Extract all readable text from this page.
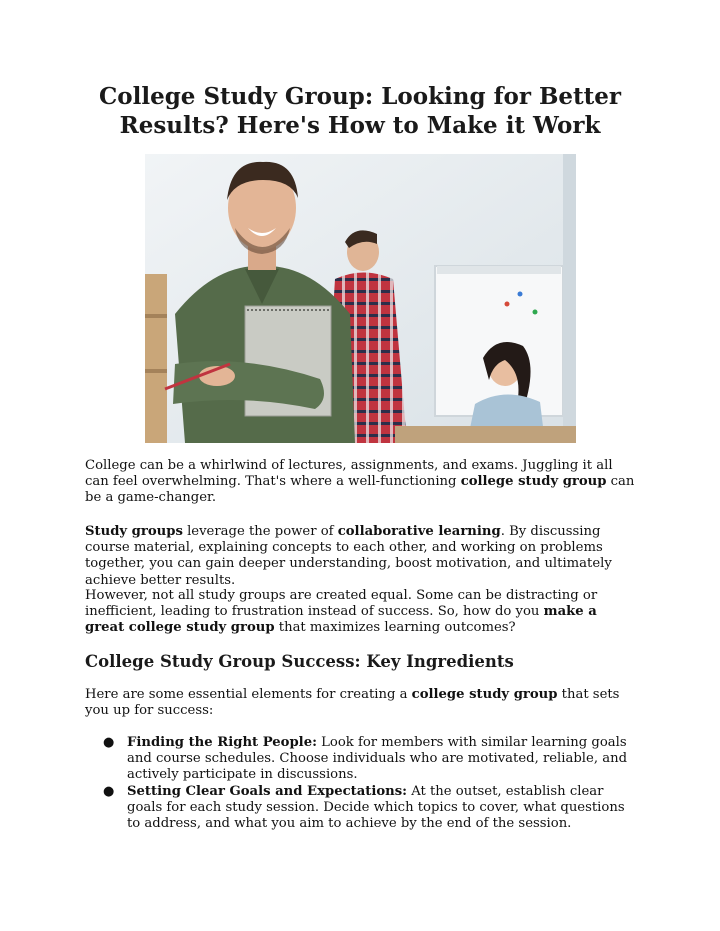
College Study Group: Looking for Better Results? Here's How to Make it Work

College can be a whirlwind of lectures, assignments, and exams. Juggling it all can feel overwhelming. That's where a well-functioning college study group can be a game-changer.

Study groups leverage the power of collaborative learning. By discussing course material, explaining concepts to each other, and working on problems together, you can gain deeper understanding, boost motivation, and ultimately achieve better results.

However, not all study groups are created equal. Some can be distracting or inefficient, leading to frustration instead of success. So, how do you make a great college study group that maximizes learning outcomes?

College Study Group Success: Key Ingredients

Here are some essential elements for creating a college study group that sets you up for success:

● Finding the Right People: Look for members with similar learning goals and course schedules. Choose individuals who are motivated, reliable, and actively participate in discussions.
● Setting Clear Goals and Expectations: At the outset, establish clear goals for each study session. Decide which topics to cover, what questions to address, and what you aim to achieve by the end of the session.
